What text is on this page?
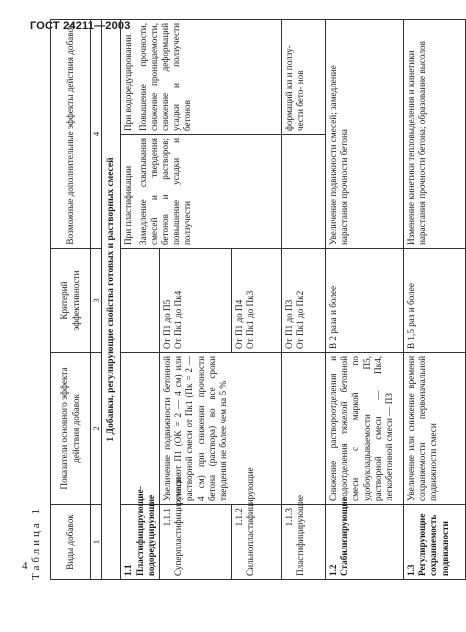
ГОСТ 24211—2003
Таблица 1	Виды добавок	Показатели основного эффекта действия добавок	Критерий эффективности	Возможные дополнительные эффекты действия добавок	
1	2	3	4	
1 Добавки, регулирующие свойства готовых и растворных смесей				
1.1 Пластифицирующие-водоредуцирующие			При пластификации Замедление схватывания смесей и твердения бетонов и растворов; повышение усадки и ползучести	При водоредуцировании Повышение прочности, снижение проницаемости, снижение деформаций усадки и ползучести бетонов

1.1.1 Суперпластифицирующие	Увеличение подвижности бетонной смеси от П1 (ОК = 2 — 4 см) или растворной смеси от Пк1 (Пк = 2 — 4 см) при снижении прочности бетона (раствора) во все сроки твердения не более чем на 5 %	От П1 до П5 От Пк1 до Пк4		

1.1.2 Сильнопластифицирующие		От П1 до П4 От Пк1 до Пк3		

1.1.3 Пластифицирующие		От П1 до П3 От Пк1 до Пк2		формаций ки и ползу- чести бето- нов
1.2 Стабилизирующие	Снижение раствороотделения и водоотделения тяжелой бетонной смеси с маркой по удобоукладываемости П5, растворной смеси — Пк4, легкобетонной смеси — П3	В 2 раза и более	Увеличение подвижности смесей; замедление нарастания прочности бетона	
1.3 Регулирующие сохраняемость подвижности	Увеличение или снижение времени сохраняемости первоначальной подвижности смеси	В 1,5 раз и более	Изменение кинетики тепловыделения и кинетики нарастания прочности бетона; образование высолов	
4
